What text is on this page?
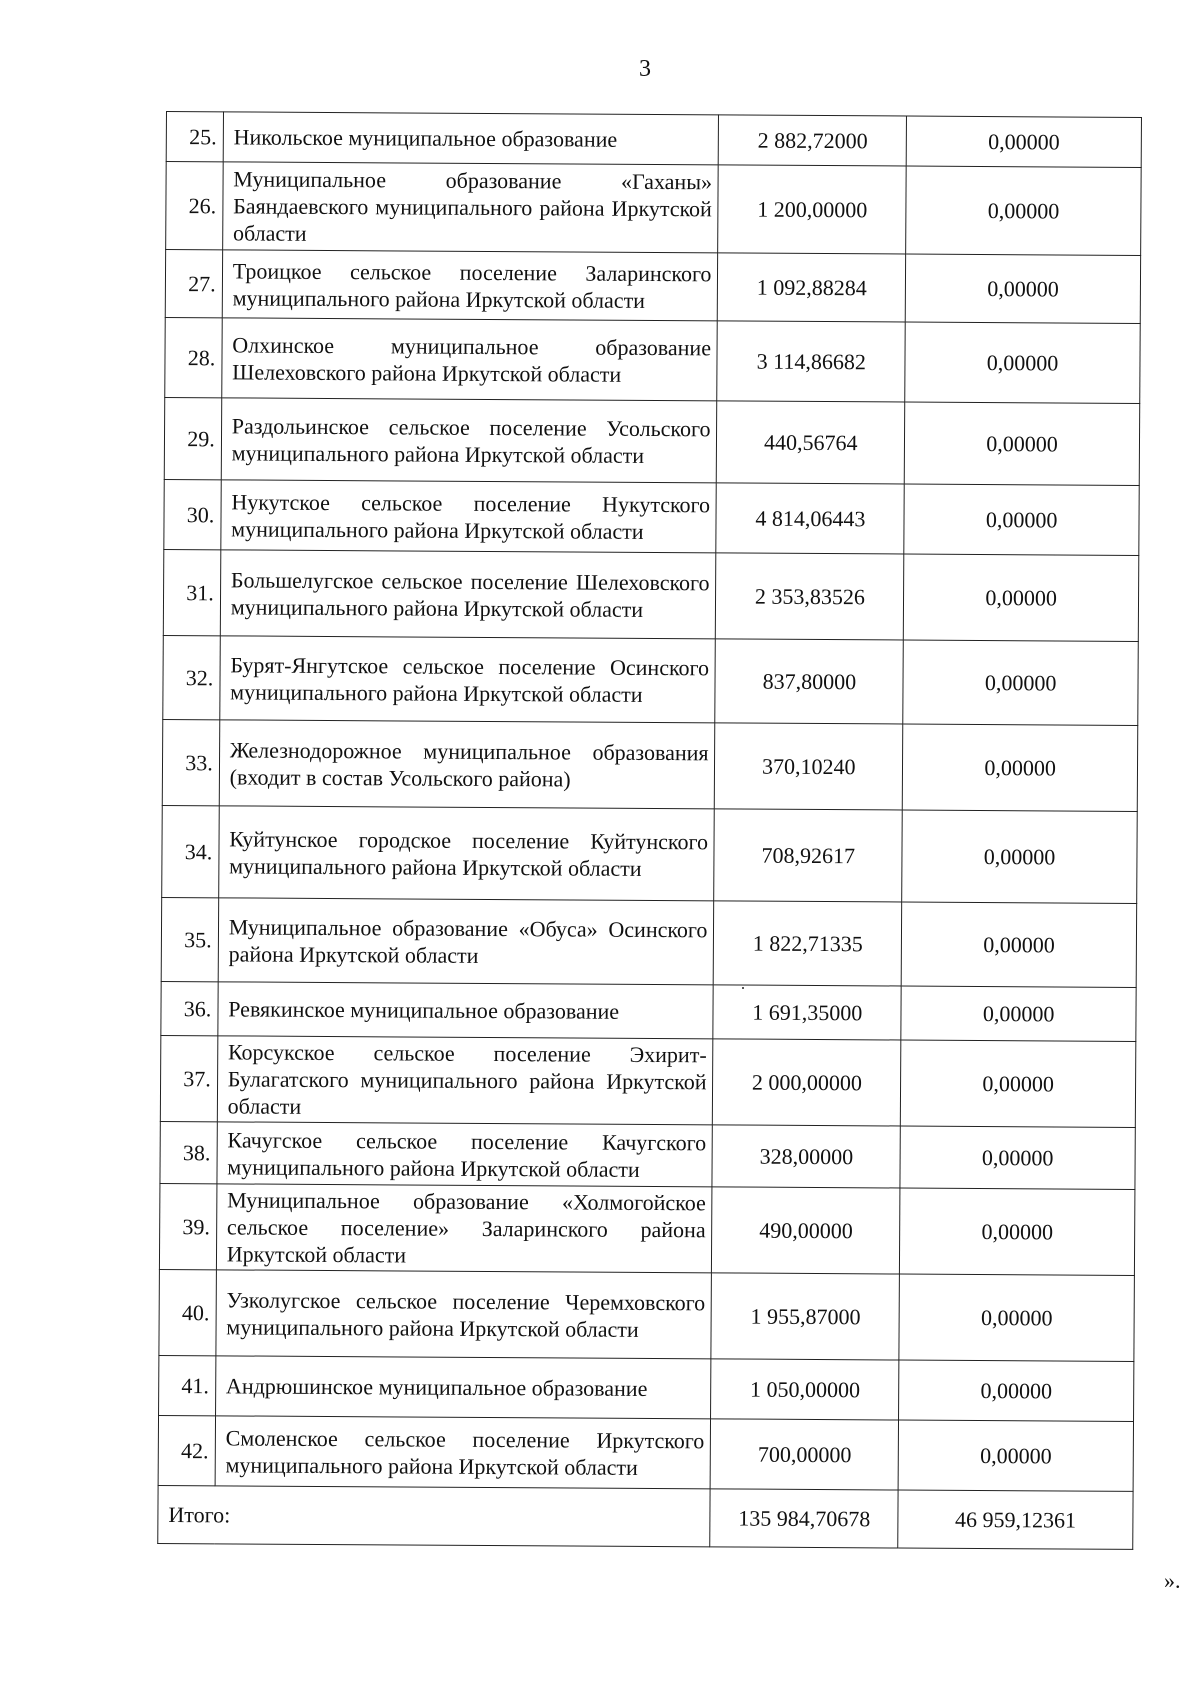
3
25.	Никольское муниципальное образование	2 882,72000	0,00000
26.	Муниципальное образование «Гаханы» Баяндаевского муниципального района Иркутской области	1 200,00000	0,00000
27.	Троицкое сельское поселение Заларинского муниципального района Иркутской области	1 092,88284	0,00000
28.	Олхинское муниципальное образование Шелеховского района Иркутской области	3 114,86682	0,00000
29.	Раздольинское сельское поселение Усольского муниципального района Иркутской области	440,56764	0,00000
30.	Нукутское сельское поселение Нукутского муниципального района Иркутской области	4 814,06443	0,00000
31.	Большелугское сельское поселение Шелеховского муниципального района Иркутской области	2 353,83526	0,00000
32.	Бурят-Янгутское сельское поселение Осинского муниципального района Иркутской области	837,80000	0,00000
33.	Железнодорожное муниципальное образования (входит в состав Усольского района)	370,10240	0,00000
34.	Куйтунское городское поселение Куйтунского муниципального района Иркутской области	708,92617	0,00000
35.	Муниципальное образование «Обуса» Осинского района Иркутской области	1 822,71335	0,00000
36.	Ревякинское муниципальное образование	1 691,35000	0,00000
37.	Корсукское сельское поселение Эхирит-Булагатского муниципального района Иркутской области	2 000,00000	0,00000
38.	Качугское сельское поселение Качугского муниципального района Иркутской области	328,00000	0,00000
39.	Муниципальное образование «Холмогойское сельское поселение» Заларинского района Иркутской области	490,00000	0,00000
40.	Узколугское сельское поселение Черемховского муниципального района Иркутской области	1 955,87000	0,00000
41.	Андрюшинское муниципальное образование	1 050,00000	0,00000
42.	Смоленское сельское поселение Иркутского муниципального района Иркутской области	700,00000	0,00000
Итого:		135 984,70678	46 959,12361
».
